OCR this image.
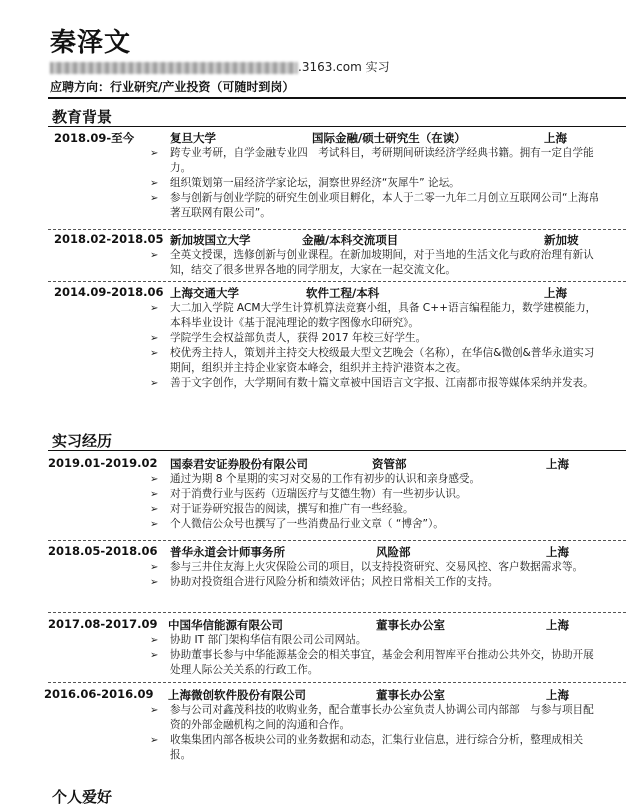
秦泽文
.3163.com 实习
应聘方向：行业研究/产业投资（可随时到岗）
教育背景
2018.09-至今	复旦大学	国际金融/硕士研究生（在读）	上海
➢ 跨专业考研，自学金融专业四　考试科目，考研期间研读经济学经典书籍。拥有一定自学能力。
➢ 组织策划第一届经济学家论坛，洞察世界经济“灰犀牛” 论坛。
➢ 参与创新与创业学院的研究生创业项目孵化，本人于二零一九年二月创立互联网公司“上海帛著互联网有限公司”。
2018.02-2018.05 新加坡国立大学	金融/本科交流项目	新加坡
➢ 全英文授课，选修创新与创业课程。在新加坡期间，对于当地的生活文化与政府治理有新认知，结交了很多世界各地的同学朋友，大家在一起交流文化。
2014.09-2018.06 上海交通大学	软件工程/本科	上海
➢ 大二加入学院 ACM大学生计算机算法竞赛小组，具备 C++语言编程能力，数学建模能力，本科毕业设计《基于混沌理论的数字图像水印研究》。
➢ 学院学生会权益部负责人，获得 2017 年校三好学生。
➢ 校优秀主持人，策划并主持交大校级最大型文艺晚会（名称），在华信&微创&普华永道实习期间，组织并主持企业家资本峰会，组织并主持沪港资本之夜。
➢ 善于文字创作，大学期间有数十篇文章被中国语言文字报、江南都市报等媒体采纳并发表。
实习经历
2019.01-2019.02 国泰君安证券股份有限公司	资管部	上海
➢ 通过为期 8 个星期的实习对交易的工作有初步的认识和亲身感受。
➢ 对于消费行业与医药（迈瑞医疗与艾德生物）有一些初步认识。
➢ 对于证券研究报告的阅读，撰写和推广有一些经验。
➢ 个人微信公众号也撰写了一些消费品行业文章（ “博舍”）。
2018.05-2018.06 普华永道会计师事务所	风险部	上海
➢ 参与三井住友海上火灾保险公司的项目，以支持投资研究、交易风控、客户数据需求等。
➢ 协助对投资组合进行风险分析和绩效评估；风控日常相关工作的支持。
2017.08-2017.09 中国华信能源有限公司	董事长办公室	上海
➢ 协助 IT 部门架构华信有限公司公司网站。
➢ 协助董事长参与中华能源基金会的相关事宜，基金会利用智库平台推动公共外交，协助开展处理人际公关关系的行政工作。
2016.06-2016.09 上海微创软件股份有限公司	董事长办公室	上海
➢ 参与公司对鑫茂科技的收购业务，配合董事长办公室负责人协调公司内部部　与参与项目配资的外部金融机构之间的沟通和合作。
➢ 收集集团内部各板块公司的业务数据和动态，汇集行业信息，进行综合分析，整理成相关报。
个人爱好
